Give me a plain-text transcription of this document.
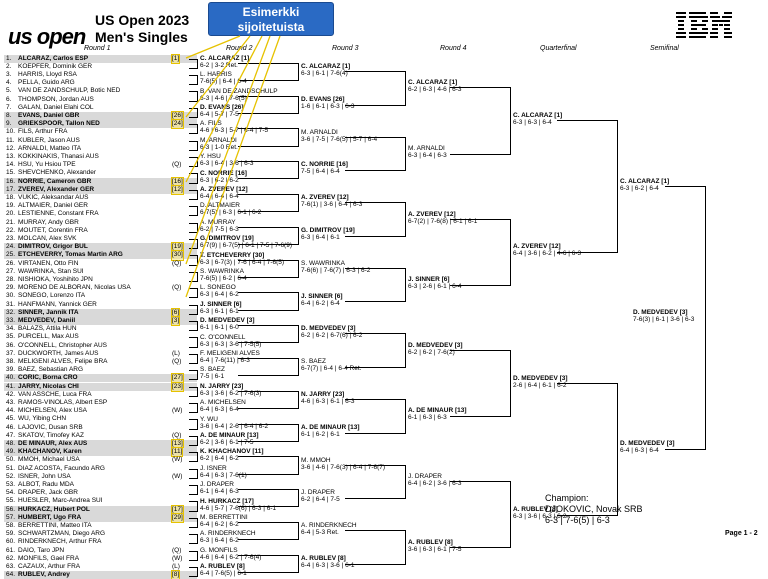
us open
US Open 2023
Men's Singles
Esimerkki sijoitetuista pelaajista
Round 1	Round 2	Round 3	Round 4	Quarterfinal	Semifinal
1.	ALCARAZ, Carlos ESP	[1]
2.	KOEPFER, Dominik GER
3.	HARRIS, Lloyd RSA
4.	PELLA, Guido ARG
5.	VAN DE ZANDSCHULP, Botic NED
6.	THOMPSON, Jordan AUS
7.	GALAN, Daniel Elahi COL
8.	EVANS, Daniel GBR	[26]
9.	GRIEKSPOOR, Tallon NED	[24]
10. FILS, Arthur FRA
11. KUBLER, Jason AUS
12. ARNALDI, Matteo ITA
13. KOKKINAKIS, Thanasi AUS
14. HSU, Yu Hsiou TPE	(Q)
15. SHEVCHENKO, Alexander
16. NORRIE, Cameron GBR	[16]
17. ZVEREV, Alexander GER	[12]
18. VUKIC, Aleksandar AUS
19. ALTMAIER, Daniel GER
20. LESTIENNE, Constant FRA
21. MURRAY, Andy GBR
22. MOUTET, Corentin FRA
23. MOLCAN, Alex SVK
24. DIMITROV, Grigor BUL	[19]
25. ETCHEVERRY, Tomas Martin ARG	[30]
26. VIRTANEN, Otto FIN	(Q)
27. WAWRINKA, Stan SUI
28. NISHIOKA, Yoshihito JPN
29. MORENO DE ALBORAN, Nicolas USA	(Q)
30. SONEGO, Lorenzo ITA
31. HANFMANN, Yannick GER
32. SINNER, Jannik ITA	[6]
33. MEDVEDEV, Daniil	[3]
34. BALAZS, Attila HUN
35. PURCELL, Max AUS
36. O'CONNELL, Christopher AUS
37. DUCKWORTH, James AUS	(L)
38. MELIGENI ALVES, Felipe BRA	(Q)
39. BAEZ, Sebastian ARG
40. CORIC, Borna CRO	[27]
41. JARRY, Nicolas CHI	[23]
42. VAN ASSCHE, Luca FRA
43. RAMOS-VINOLAS, Albert ESP
44. MICHELSEN, Alex USA	(W)
45. WU, Yibing CHN
46. LAJOVIC, Dusan SRB
47. SKATOV, Timofey KAZ	(Q)
48. DE MINAUR, Alex AUS	[13]
49. KHACHANOV, Karen	[11]
50. MMOH, Michael USA	(W)
51. DIAZ ACOSTA, Facundo ARG
52. ISNER, John USA	(W)
53. ALBOT, Radu MDA
54. DRAPER, Jack GBR
55. HUESLER, Marc-Andrea SUI
56. HURKACZ, Hubert POL	[17]
57. HUMBERT, Ugo FRA	[29]
58. BERRETTINI, Matteo ITA
59. SCHWARTZMAN, Diego ARG
60. RINDERKNECH, Arthur FRA
61. DAIO, Taro JPN	(Q)
62. MONFILS, Gael FRA	(W)
63. CAZAUX, Arthur FRA	(L)
64. RUBLEV, Andrey	[8]
C. ALCARAZ [1]
6-2 | 3-2 Ret.
L. HARRIS
7-6(5) | 6-4 | 6-4
B. VAN DE ZANDSCHULP
6-3 | 4-6 | 7-6(5)
D. EVANS [26]
6-4 | 5-7 | 7-5
A. FILS
4-6 | 6-3 | 5-7 | 6-4 | 7-5
M. ARNALDI
6-3 | 1-0 Ret.
Y. HSU
6-3 | 6-4 | 3-6 | 6-3
C. NORRIE [16]
6-3 | 6-2 | 6-2
A. ZVEREV [12]
6-4 | 6-4 | 6-4
D. ALTMAIER
6-7(5) | 6-3 | 6-1 | 6-2
A. MURRAY
6-2 | 7-5 | 6-3
G. DIMITROV [19]
6-7(9) | 6-7(5) | 6-1 | 7-5 | 7-6(9)
T. ETCHEVERRY [30]
6-3 | 6-7(3) | 7-6 | 6-4 | 7-6(5)
S. WAWRINKA
7-6(5) | 6-2 | 6-4
L. SONEGO
6-3 | 6-4 | 6-2
J. SINNER [6]
6-3 | 6-1 | 6-1
D. MEDVEDEV [3]
6-1 | 6-1 | 6-0
C. O'CONNELL
6-3 | 6-3 | 3-6 | 7-5(5)
F. MELIGENI ALVES
6-4 | 7-6(11) | 6-3
S. BAEZ
7-5 | 6-1
N. JARRY [23]
6-3 | 3-6 | 6-2 | 7-6(3)
A. MICHELSEN
6-4 | 6-3 | 6-4
Y. WU
3-6 | 6-4 | 2-6 | 6-4 | 6-2
A. DE MINAUR [13]
6-2 | 3-6 | 6-1 | 7-5
K. KHACHANOV [11]
6-2 | 6-4 | 6-2
J. ISNER
6-4 | 6-3 | 7-6(1)
J. DRAPER
6-1 | 6-4 | 6-3
H. HURKACZ [17]
4-6 | 5-7 | 7-6(6) | 6-3 | 6-1
M. BERRETTINI
6-4 | 6-2 | 6-2
A. RINDERKNECH
6-3 | 6-4 | 6-2
G. MONFILS
4-6 | 6-4 | 6-2 | 7-6(4)
A. RUBLEV [8]
6-4 | 7-6(5) | 6-1
C. ALCARAZ [1]
6-3 | 6-1 | 7-6(4)
D. EVANS [26]
1-6 | 6-1 | 6-3 | 6-3
M. ARNALDI
3-6 | 7-5 | 7-6(5) | 5-7 | 6-4
C. NORRIE [16]
7-5 | 6-4 | 6-4
A. ZVEREV [12]
7-6(1) | 3-6 | 6-4 | 6-3
G. DIMITROV [19]
6-3 | 6-4 | 6-1
S. WAWRINKA
7-6(6) | 7-6(7) | 6-3 | 6-2
J. SINNER [6]
6-4 | 6-2 | 6-4
D. MEDVEDEV [3]
6-2 | 6-2 | 6-7(6) | 6-2
S. BAEZ
6-7(7) | 6-4 | 6-4 Ret.
N. JARRY [23]
4-6 | 6-3 | 6-1 | 6-3
A. DE MINAUR [13]
6-1 | 6-2 | 6-1
M. MMOH
3-6 | 4-6 | 7-6(3) | 6-4 | 7-6(7)
J. DRAPER
6-2 | 6-4 | 7-5
A. RINDERKNECH
6-4 | 5-3 Ret.
A. RUBLEV [8]
6-4 | 6-3 | 3-6 | 6-1
C. ALCARAZ [1]
6-2 | 6-3 | 4-6 | 6-3
M. ARNALDI
6-3 | 6-4 | 6-3
A. ZVEREV [12]
6-7(2) | 7-6(8) | 6-1 | 6-1
J. SINNER [6]
6-3 | 2-6 | 6-1 | 6-4
D. MEDVEDEV [3]
6-2 | 6-2 | 7-6(2)
A. DE MINAUR [13]
6-1 | 6-3 | 6-3
J. DRAPER
6-4 | 6-2 | 3-6 | 6-3
A. RUBLEV [8]
3-6 | 6-3 | 6-1 | 7-5
C. ALCARAZ [1]
6-3 | 6-3 | 6-4
A. ZVEREV [12]
6-4 | 3-6 | 6-2 | 4-6 | 6-3
D. MEDVEDEV [3]
2-6 | 6-4 | 6-1 | 6-2
A. RUBLEV [8]
6-3 | 3-6 | 6-3 | 6-2
C. ALCARAZ [1]
6-3 | 6-2 | 6-4
D. MEDVEDEV [3]
6-4 | 6-3 | 6-4
D. MEDVEDEV [3]
7-6(3) | 6-1 | 3-6 | 6-3
Champion:
DJOKOVIC, Novak SRB
6-3 | 7-6(5) | 6-3
Page 1 - 2
